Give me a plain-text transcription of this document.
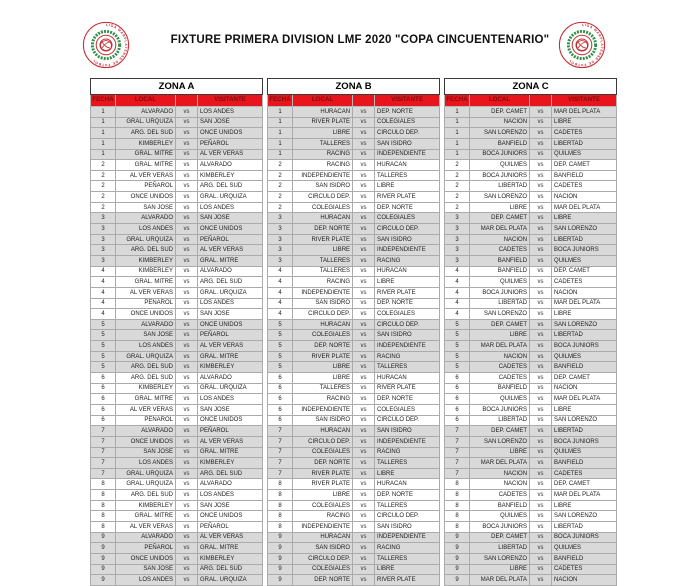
LIGA MARPLATENSE DE FUTBOL
FIXTURE PRIMERA DIVISION LMF 2020 "COPA CINCUENTENARIO"
LIGA MARPLATENSE DE FUTBOL
ZONA A			
FECHA	LOCAL		VISITANTE
1	ALVARADO	vs	LOS ANDES
1	GRAL. URQUIZA	vs	SAN JOSE
1	ARG. DEL SUD	vs	ONCE UNIDOS
1	KIMBERLEY	vs	PEÑAROL
1	GRAL. MITRE	vs	AL VER VERAS
2	GRAL. MITRE	vs	ALVARADO
2	AL VER VERAS	vs	KIMBERLEY
2	PEÑAROL	vs	ARG. DEL SUD
2	ONCE UNIDOS	vs	GRAL. URQUIZA
2	SAN JOSE	vs	LOS ANDES
3	ALVARADO	vs	SAN JOSE
3	LOS ANDES	vs	ONCE UNIDOS
3	GRAL. URQUIZA	vs	PEÑAROL
3	ARG. DEL SUD	vs	AL VER VERAS
3	KIMBERLEY	vs	GRAL. MITRE
4	KIMBERLEY	vs	ALVARADO
4	GRAL. MITRE	vs	ARG. DEL SUD
4	AL VER VERAS	vs	GRAL. URQUIZA
4	PEÑAROL	vs	LOS ANDES
4	ONCE UNIDOS	vs	SAN JOSE
5	ALVARADO	vs	ONCE UNIDOS
5	SAN JOSE	vs	PEÑAROL
5	LOS ANDES	vs	AL VER VERAS
5	GRAL. URQUIZA	vs	GRAL. MITRE
5	ARG. DEL SUD	vs	KIMBERLEY
6	ARG. DEL SUD	vs	ALVARADO
6	KIMBERLEY	vs	GRAL. URQUIZA
6	GRAL. MITRE	vs	LOS ANDES
6	AL VER VERAS	vs	SAN JOSE
6	PEÑAROL	vs	ONCE UNIDOS
7	ALVARADO	vs	PEÑAROL
7	ONCE UNIDOS	vs	AL VER VERAS
7	SAN JOSE	vs	GRAL. MITRE
7	LOS ANDES	vs	KIMBERLEY
7	GRAL. URQUIZA	vs	ARG. DEL SUD
8	GRAL. URQUIZA	vs	ALVARADO
8	ARG. DEL SUD	vs	LOS ANDES
8	KIMBERLEY	vs	SAN JOSE
8	GRAL. MITRE	vs	ONCE UNIDOS
8	AL VER VERAS	vs	PEÑAROL
9	ALVARADO	vs	AL VER VERAS
9	PEÑAROL	vs	GRAL. MITRE
9	ONCE UNIDOS	vs	KIMBERLEY
9	SAN JOSE	vs	ARG. DEL SUD
9	LOS ANDES	vs	GRAL. URQUIZA
ZONA B			
FECHA	LOCAL		VISITANTE
1	HURACAN	vs	DEP. NORTE
1	RIVER PLATE	vs	COLEGIALES
1	LIBRE	vs	CIRCULO DEP.
1	TALLERES	vs	SAN ISIDRO
1	RACING	vs	INDEPENDIENTE
2	RACING	vs	HURACAN
2	INDEPENDIENTE	vs	TALLERES
2	SAN ISIDRO	vs	LIBRE
2	CIRCULO DEP.	vs	RIVER PLATE
2	COLEGIALES	vs	DEP. NORTE
3	HURACAN	vs	COLEGIALES
3	DEP. NORTE	vs	CIRCULO DEP.
3	RIVER PLATE	vs	SAN ISIDRO
3	LIBRE	vs	INDEPENDIENTE
3	TALLERES	vs	RACING
4	TALLERES	vs	HURACAN
4	RACING	vs	LIBRE
4	INDEPENDIENTE	vs	RIVER PLATE
4	SAN ISIDRO	vs	DEP. NORTE
4	CIRCULO DEP.	vs	COLEGIALES
5	HURACAN	vs	CIRCULO DEP.
5	COLEGIALES	vs	SAN ISIDRO
5	DEP. NORTE	vs	INDEPENDIENTE
5	RIVER PLATE	vs	RACING
5	LIBRE	vs	TALLERES
6	LIBRE	vs	HURACAN
6	TALLERES	vs	RIVER PLATE
6	RACING	vs	DEP. NORTE
6	INDEPENDIENTE	vs	COLEGIALES
6	SAN ISIDRO	vs	CIRCULO DEP.
7	HURACAN	vs	SAN ISIDRO
7	CIRCULO DEP.	vs	INDEPENDIENTE
7	COLEGIALES	vs	RACING
7	DEP. NORTE	vs	TALLERES
7	RIVER PLATE	vs	LIBRE
8	RIVER PLATE	vs	HURACAN
8	LIBRE	vs	DEP. NORTE
8	COLEGIALES	vs	TALLERES
8	RACING	vs	CIRCULO DEP.
8	INDEPENDIENTE	vs	SAN ISIDRO
9	HURACAN	vs	INDEPENDIENTE
9	SAN ISIDRO	vs	RACING
9	CIRCULO DEP.	vs	TALLERES
9	COLEGIALES	vs	LIBRE
9	DEP. NORTE	vs	RIVER PLATE
ZONA C			
FECHA	LOCAL		VISITANTE
1	DEP. CAMET	vs	MAR DEL PLATA
1	NACION	vs	LIBRE
1	SAN LORENZO	vs	CADETES
1	BANFIELD	vs	LIBERTAD
1	BOCA JUNIORS	vs	QUILMES
2	QUILMES	vs	DEP. CAMET
2	BOCA JUNIORS	vs	BANFIELD
2	LIBERTAD	vs	CADETES
2	SAN LORENZO	vs	NACION
2	LIBRE	vs	MAR DEL PLATA
3	DEP. CAMET	vs	LIBRE
3	MAR DEL PLATA	vs	SAN LORENZO
3	NACION	vs	LIBERTAD
3	CADETES	vs	BOCA JUNIORS
3	BANFIELD	vs	QUILMES
4	BANFIELD	vs	DEP. CAMET
4	QUILMES	vs	CADETES
4	BOCA JUNIORS	vs	NACION
4	LIBERTAD	vs	MAR DEL PLATA
4	SAN LORENZO	vs	LIBRE
5	DEP. CAMET	vs	SAN LORENZO
5	LIBRE	vs	LIBERTAD
5	MAR DEL PLATA	vs	BOCA JUNIORS
5	NACION	vs	QUILMES
5	CADETES	vs	BANFIELD
6	CADETES	vs	DEP. CAMET
6	BANFIELD	vs	NACION
6	QUILMES	vs	MAR DEL PLATA
6	BOCA JUNIORS	vs	LIBRE
6	LIBERTAD	vs	SAN LORENZO
7	DEP. CAMET	vs	LIBERTAD
7	SAN LORENZO	vs	BOCA JUNIORS
7	LIBRE	vs	QUILMES
7	MAR DEL PLATA	vs	BANFIELD
7	NACION	vs	CADETES
8	NACION	vs	DEP. CAMET
8	CADETES	vs	MAR DEL PLATA
8	BANFIELD	vs	LIBRE
8	QUILMES	vs	SAN LORENZO
8	BOCA JUNIORS	vs	LIBERTAD
9	DEP. CAMET	vs	BOCA JUNIORS
9	LIBERTAD	vs	QUILMES
9	SAN LORENZO	vs	BANFIELD
9	LIBRE	vs	CADETES
9	MAR DEL PLATA	vs	NACION
